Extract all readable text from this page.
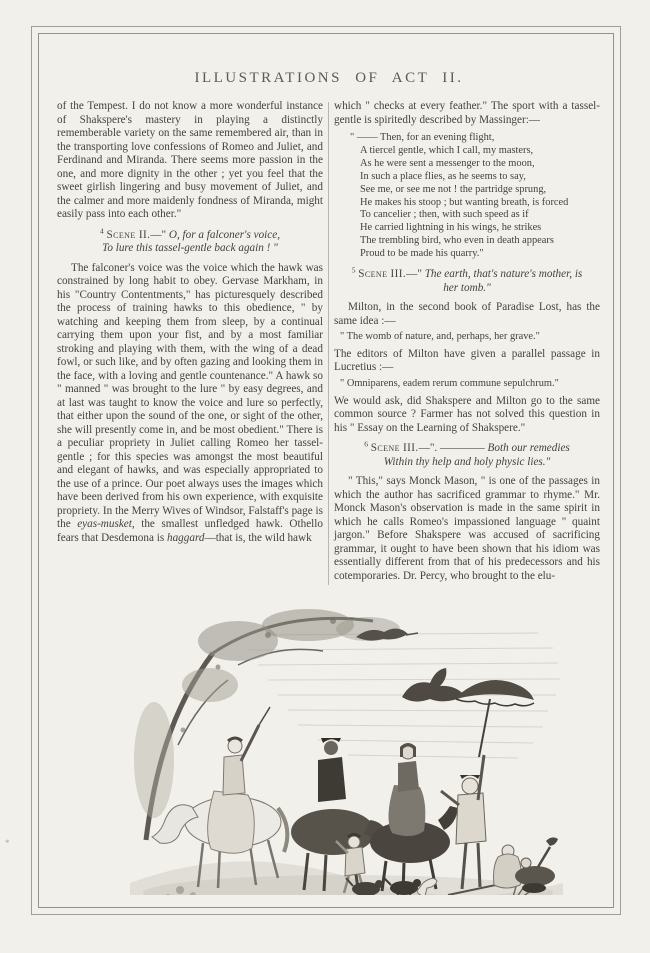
*
ILLUSTRATIONS OF ACT II.

of the Tempest. I do not know a more wonderful instance of Shakspere's mastery in playing a distinctly rememberable variety on the same remembered air, than in the transporting love confessions of Romeo and Juliet, and Ferdinand and Miranda. There seems more passion in the one, and more dignity in the other ; yet you feel that the sweet girlish lingering and busy movement of Juliet, and the calmer and more maidenly fondness of Miranda, might easily pass into each other."

$^4$ Scene II.—" O, for a falconer's voice,
To lure this tassel-gentle back again ! "

The falconer's voice was the voice which the hawk was constrained by long habit to obey. Gervase Markham, in his "Country Contentments," has picturesquely described the process of training hawks to this obedience, " by watching and keeping them from sleep, by a continual carrying them upon your fist, and by a most familiar stroking and playing with them, with the wing of a dead fowl, or such like, and by often gazing and looking them in the face, with a loving and gentle countenance." A hawk so " manned " was brought to the lure " by easy degrees, and at last was taught to know the voice and lure so perfectly, that either upon the sound of the one, or sight of the other, she will presently come in, and be most obedient." There is a peculiar propriety in Juliet calling Romeo her tassel-gentle ; for this species was amongst the most beautiful and elegant of hawks, and was especially appropriated to the use of a prince. Our poet always uses the images which have been derived from his own experience, with exquisite propriety. In the Merry Wives of Windsor, Falstaff's page is the eyas-musket, the smallest unfledged hawk. Othello fears that Desdemona is haggard—that is, the wild hawk

which " checks at every feather." The sport with a tassel-gentle is spiritedly described by Massinger:—

" —— Then, for an evening flight,
A tiercel gentle, which I call, my masters,
As he were sent a messenger to the moon,
In such a place flies, as he seems to say,
See me, or see me not ! the partridge sprung,
He makes his stoop ; but wanting breath, is forced
To cancelier ; then, with such speed as if
He carried lightning in his wings, he strikes
The trembling bird, who even in death appears
Proud to be made his quarry."
$^5$ Scene III.—" The earth, that's nature's mother, is
her tomb."

Milton, in the second book of Paradise Lost, has the same idea :—

" The womb of nature, and, perhaps, her grave."

The editors of Milton have given a parallel passage in Lucretius :—

" Omniparens, eadem rerum commune sepulchrum."

We would ask, did Shakspere and Milton go to the same common source ? Farmer has not solved this question in his " Essay on the Learning of Shakspere."

$^6$ Scene III.—". ———— Both our remedies
Within thy help and holy physic lies."

" This," says Monck Mason, " is one of the passages in which the author has sacrificed grammar to rhyme." Mr. Monck Mason's observation is made in the same spirit in which he calls Romeo's impassioned language " quaint jargon." Before Shakspere was accused of sacrificing grammar, it ought to have been shown that his idiom was essentially different from that of his predecessors and his cotemporaries. Dr. Percy, who brought to the elu-
